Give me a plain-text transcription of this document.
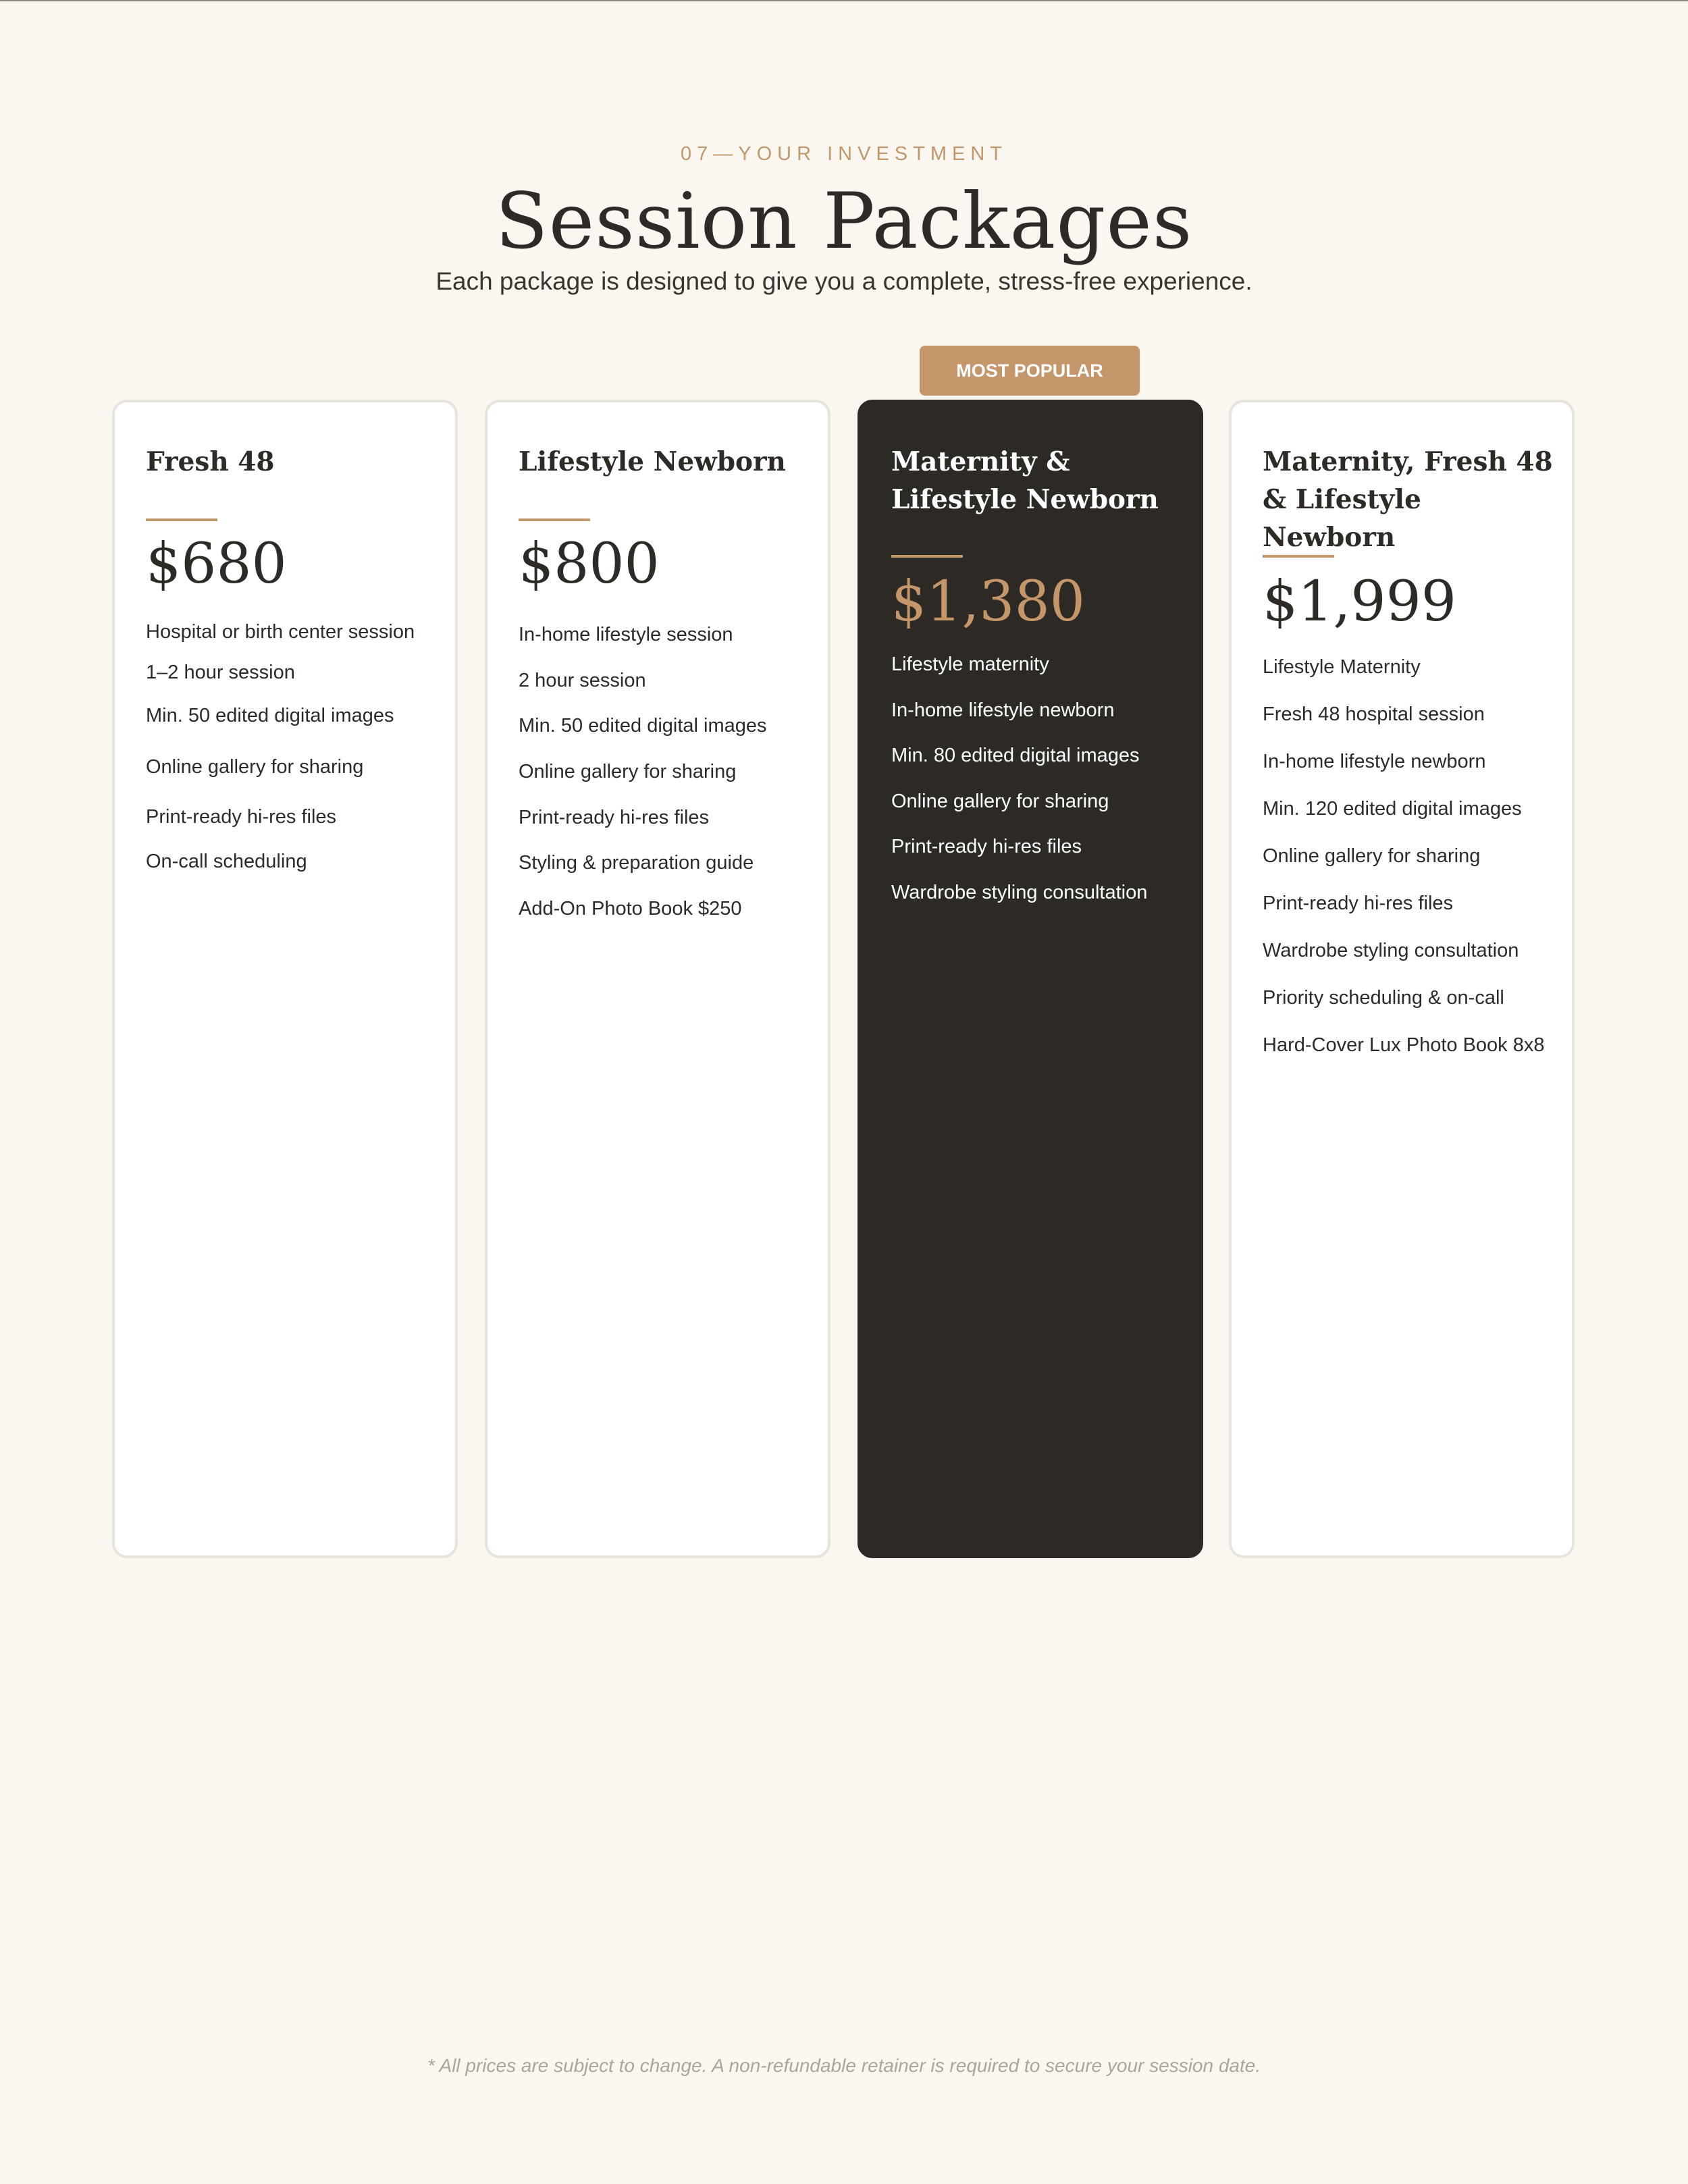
07—YOUR INVESTMENT
Session Packages
Each package is designed to give you a complete, stress-free experience.
MOST POPULAR
Fresh 48
$680
Hospital or birth center session
1–2 hour session
Min. 50 edited digital images
Online gallery for sharing
Print-ready hi-res files
On-call scheduling
Lifestyle Newborn
$800
In-home lifestyle session
2 hour session
Min. 50 edited digital images
Online gallery for sharing
Print-ready hi-res files
Styling & preparation guide
Add-On Photo Book $250
Maternity & Lifestyle Newborn
$1,380
Lifestyle maternity
In-home lifestyle newborn
Min. 80 edited digital images
Online gallery for sharing
Print-ready hi-res files
Wardrobe styling consultation
Maternity, Fresh 48 & Lifestyle Newborn
$1,999
Lifestyle Maternity
Fresh 48 hospital session
In-home lifestyle newborn
Min. 120 edited digital images
Online gallery for sharing
Print-ready hi-res files
Wardrobe styling consultation
Priority scheduling & on-call
Hard-Cover Lux Photo Book 8x8
* All prices are subject to change. A non-refundable retainer is required to secure your session date.
